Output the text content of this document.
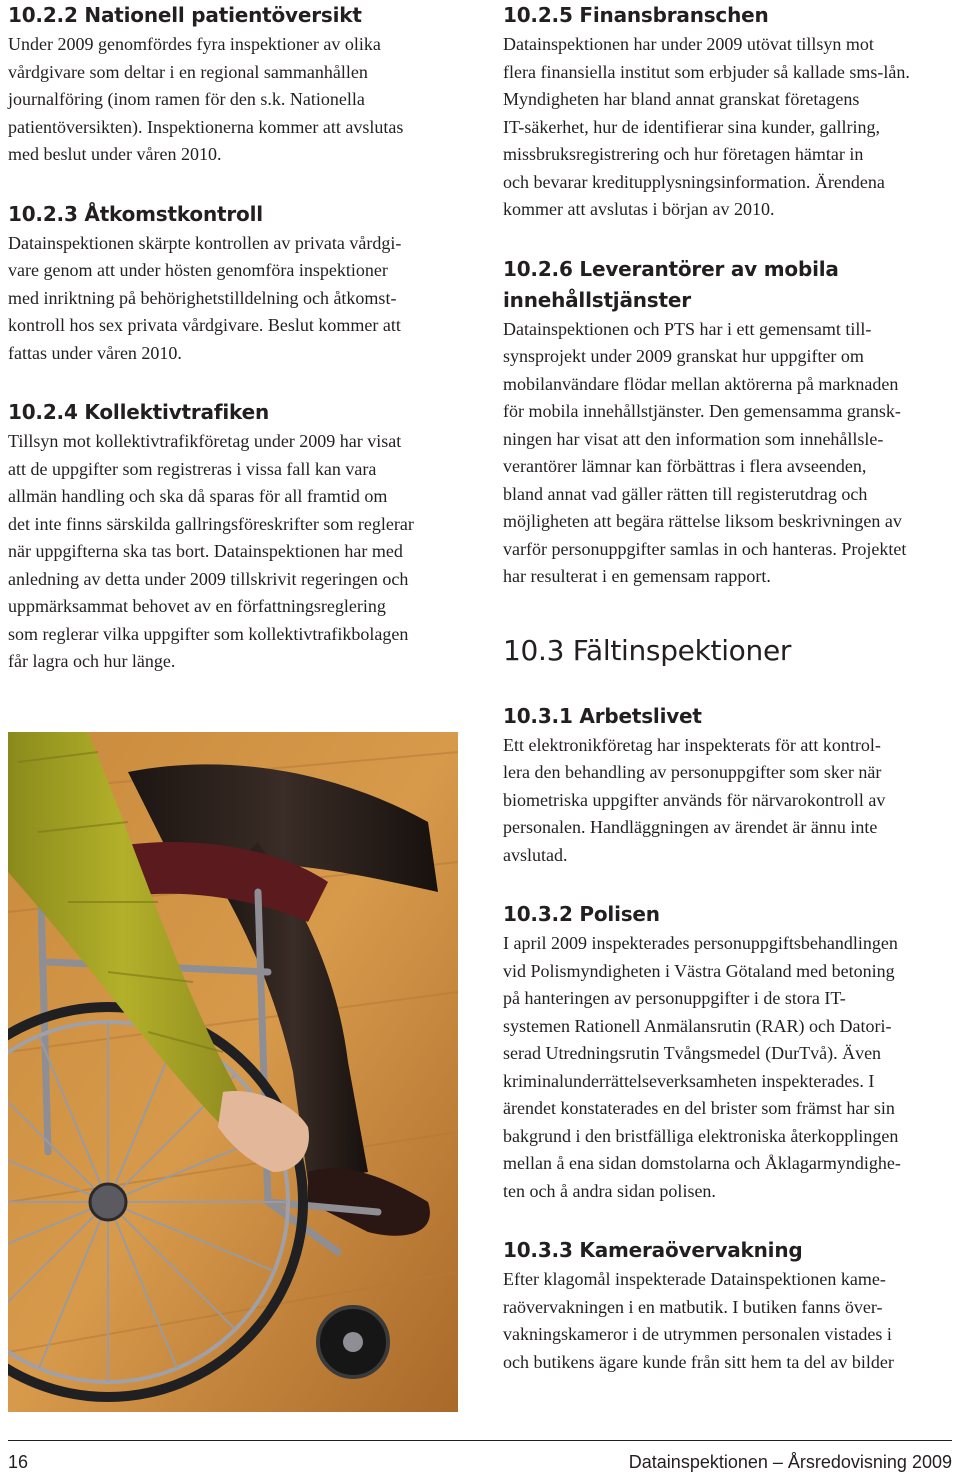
10.2.2 Nationell patientöversikt

Under 2009 genomfördes fyra inspektioner av olika
vårdgivare som deltar i en regional sammanhållen
journalföring (inom ramen för den s.k. Nationella
patientöversikten). Inspektionerna kommer att avslutas
med beslut under våren 2010.

10.2.3 Åtkomstkontroll

Datainspektionen skärpte kontrollen av privata vårdgi-
vare genom att under hösten genomföra inspektioner
med inriktning på behörighetstilldelning och åtkomst-
kontroll hos sex privata vårdgivare. Beslut kommer att
fattas under våren 2010.

10.2.4 Kollektivtrafiken

Tillsyn mot kollektivtrafikföretag under 2009 har visat
att de uppgifter som registreras i vissa fall kan vara
allmän handling och ska då sparas för all framtid om
det inte finns särskilda gallringsföreskrifter som reglerar
när uppgifterna ska tas bort. Datainspektionen har med
anledning av detta under 2009 tillskrivit regeringen och
uppmärksammat behovet av en författningsreglering
som reglerar vilka uppgifter som kollektivtrafikbolagen
får lagra och hur länge.

10.2.5 Finansbranschen

Datainspektionen har under 2009 utövat tillsyn mot
flera finansiella institut som erbjuder så kallade sms-lån.
Myndigheten har bland annat granskat företagens
IT-säkerhet, hur de identifierar sina kunder, gallring,
missbruksregistrering och hur företagen hämtar in
och bevarar kreditupplysningsinformation. Ärendena
kommer att avslutas i början av 2010.

10.2.6 Leverantörer av mobila
innehållstjänster

Datainspektionen och PTS har i ett gemensamt till-
synsprojekt under 2009 granskat hur uppgifter om
mobilanvändare flödar mellan aktörerna på marknaden
för mobila innehållstjänster. Den gemensamma gransk-
ningen har visat att den information som innehållsle-
verantörer lämnar kan förbättras i flera avseenden,
bland annat vad gäller rätten till registerutdrag och
möjligheten att begära rättelse liksom beskrivningen av
varför personuppgifter samlas in och hanteras. Projektet
har resulterat i en gemensam rapport.

10.3 Fältinspektioner
10.3.1 Arbetslivet

Ett elektronikföretag har inspekterats för att kontrol-
lera den behandling av personuppgifter som sker när
biometriska uppgifter används för närvarokontroll av
personalen. Handläggningen av ärendet är ännu inte
avslutad.

10.3.2 Polisen

I april 2009 inspekterades personuppgiftsbehandlingen
vid Polismyndigheten i Västra Götaland med betoning
på hanteringen av personuppgifter i de stora IT-
systemen Rationell Anmälansrutin (RAR) och Datori-
serad Utredningsrutin Tvångsmedel (DurTvå). Även
kriminalunderrättelseverksamheten inspekterades. I
ärendet konstaterades en del brister som främst har sin
bakgrund i den bristfälliga elektroniska återkopplingen
mellan å ena sidan domstolarna och Åklagarmyndighe-
ten och å andra sidan polisen.

10.3.3 Kameraövervakning

Efter klagomål inspekterade Datainspektionen kame-
raövervakningen i en matbutik. I butiken fanns över-
vakningskameror i de utrymmen personalen vistades i
och butikens ägare kunde från sitt hem ta del av bilder

16	Datainspektionen – Årsredovisning 2009
